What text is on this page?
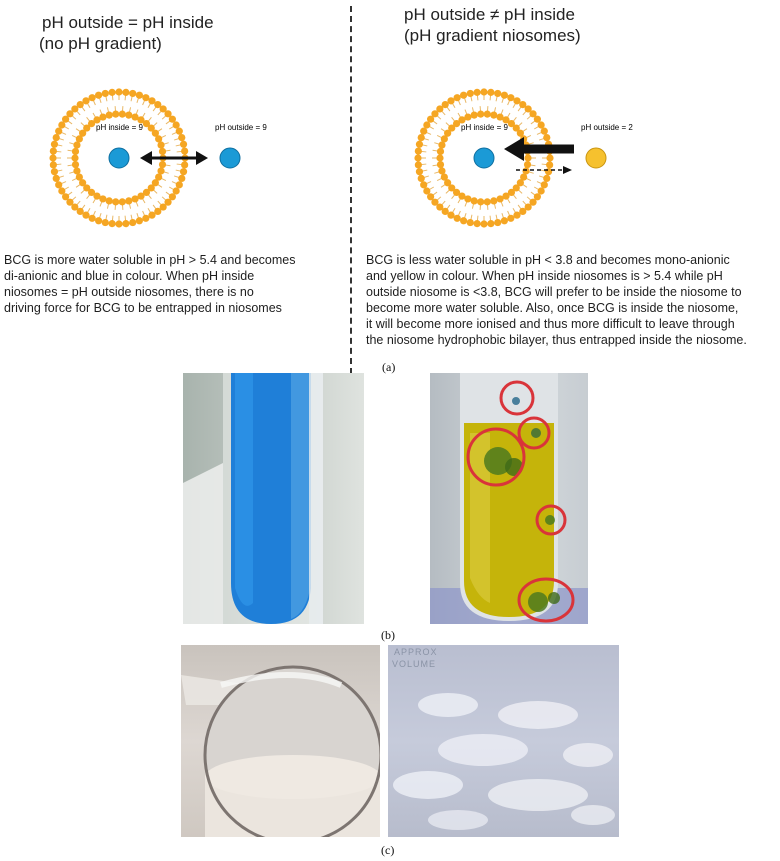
pH outside = pH inside
(no pH gradient)
pH outside ≠ pH inside
(pH gradient niosomes)
pH inside = 9	pH outside = 9	pH inside = 9	pH outside = 2
BCG is more water soluble in pH > 5.4 and becomes
di-anionic and blue in colour. When pH inside
niosomes = pH outside niosomes, there is no
driving force for BCG to be entrapped in niosomes
BCG is less water soluble in pH < 3.8 and becomes mono-anionic
and yellow in colour. When pH inside niosomes is > 5.4 while pH
outside niosome is <3.8, BCG will prefer to be inside the niosome to
become more water soluble. Also, once BCG is inside the niosome,
it will become more ionised and thus more difficult to leave through
the niosome hydrophobic bilayer, thus entrapped inside the niosome.
(a)
(b)
APPROX
VOLUME
(c)
